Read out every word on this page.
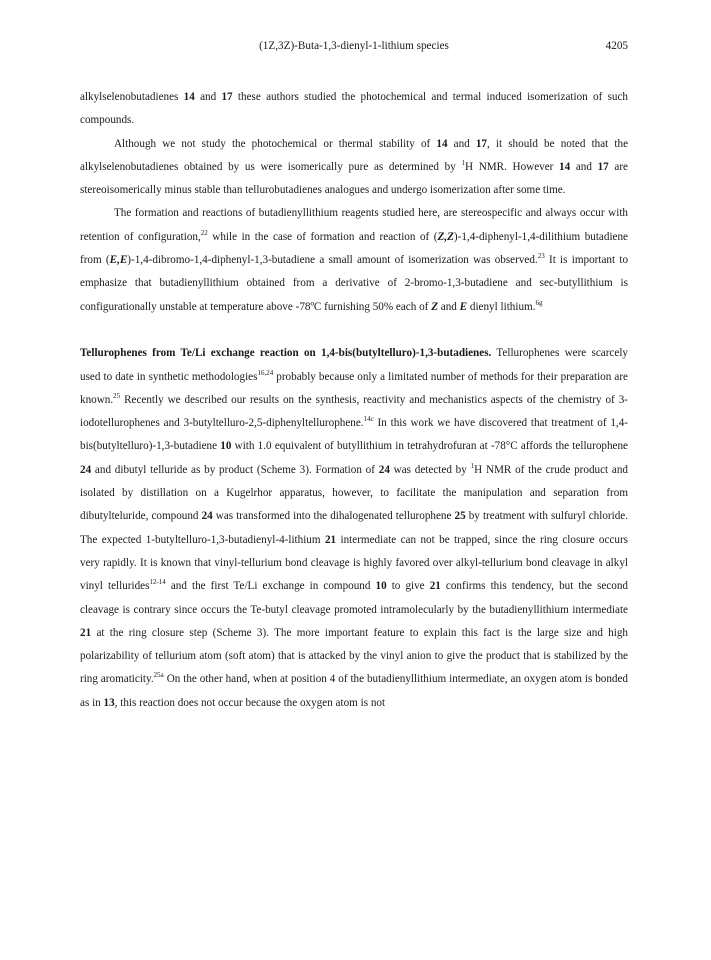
(1Z,3Z)-Buta-1,3-dienyl-1-lithium species	4205

alkylselenobutadienes 14 and 17 these authors studied the photochemical and termal induced isomerization of such compounds.

Although we not study the photochemical or thermal stability of 14 and 17, it should be noted that the alkylselenobutadienes obtained by us were isomerically pure as determined by $^1$H NMR. However 14 and 17 are stereoisomerically minus stable than tellurobutadienes analogues and undergo isomerization after some time.

The formation and reactions of butadienyllithium reagents studied here, are stereospecific and always occur with retention of configuration,$^{22}$ while in the case of formation and reaction of (Z,Z)-1,4-diphenyl-1,4-dilithium butadiene from (E,E)-1,4-dibromo-1,4-diphenyl-1,3-butadiene a small amount of isomerization was observed.$^{23}$ It is important to emphasize that butadienyllithium obtained from a derivative of 2-bromo-1,3-butadiene and sec-butyllithium is configurationally unstable at temperature above -78ºC furnishing 50% each of Z and E dienyl lithium.$^{6g}$

Tellurophenes from Te/Li exchange reaction on 1,4-bis(butyltelluro)-1,3-butadienes. Tellurophenes were scarcely used to date in synthetic methodologies$^{16,24}$ probably because only a limitated number of methods for their preparation are known.$^{25}$ Recently we described our results on the synthesis, reactivity and mechanistics aspects of the chemistry of 3-iodotellurophenes and 3-butyltelluro-2,5-diphenyltellurophene.$^{14c}$ In this work we have discovered that treatment of 1,4-bis(butyltelluro)-1,3-butadiene 10 with 1.0 equivalent of butyllithium in tetrahydrofuran at -78°C affords the tellurophene 24 and dibutyl telluride as by product (Scheme 3). Formation of 24 was detected by $^1$H NMR of the crude product and isolated by distillation on a Kugelrhor apparatus, however, to facilitate the manipulation and separation from dibutylteluride, compound 24 was transformed into the dihalogenated tellurophene 25 by treatment with sulfuryl chloride. The expected 1-butyltelluro-1,3-butadienyl-4-lithium 21 intermediate can not be trapped, since the ring closure occurs very rapidly. It is known that vinyl-tellurium bond cleavage is highly favored over alkyl-tellurium bond cleavage in alkyl vinyl tellurides$^{12-14}$ and the first Te/Li exchange in compound 10 to give 21 confirms this tendency, but the second cleavage is contrary since occurs the Te-butyl cleavage promoted intramolecularly by the butadienyllithium intermediate 21 at the ring closure step (Scheme 3). The more important feature to explain this fact is the large size and high polarizability of tellurium atom (soft atom) that is attacked by the vinyl anion to give the product that is stabilized by the ring aromaticity.$^{25a}$ On the other hand, when at position 4 of the butadienyllithium intermediate, an oxygen atom is bonded as in 13, this reaction does not occur because the oxygen atom is not
